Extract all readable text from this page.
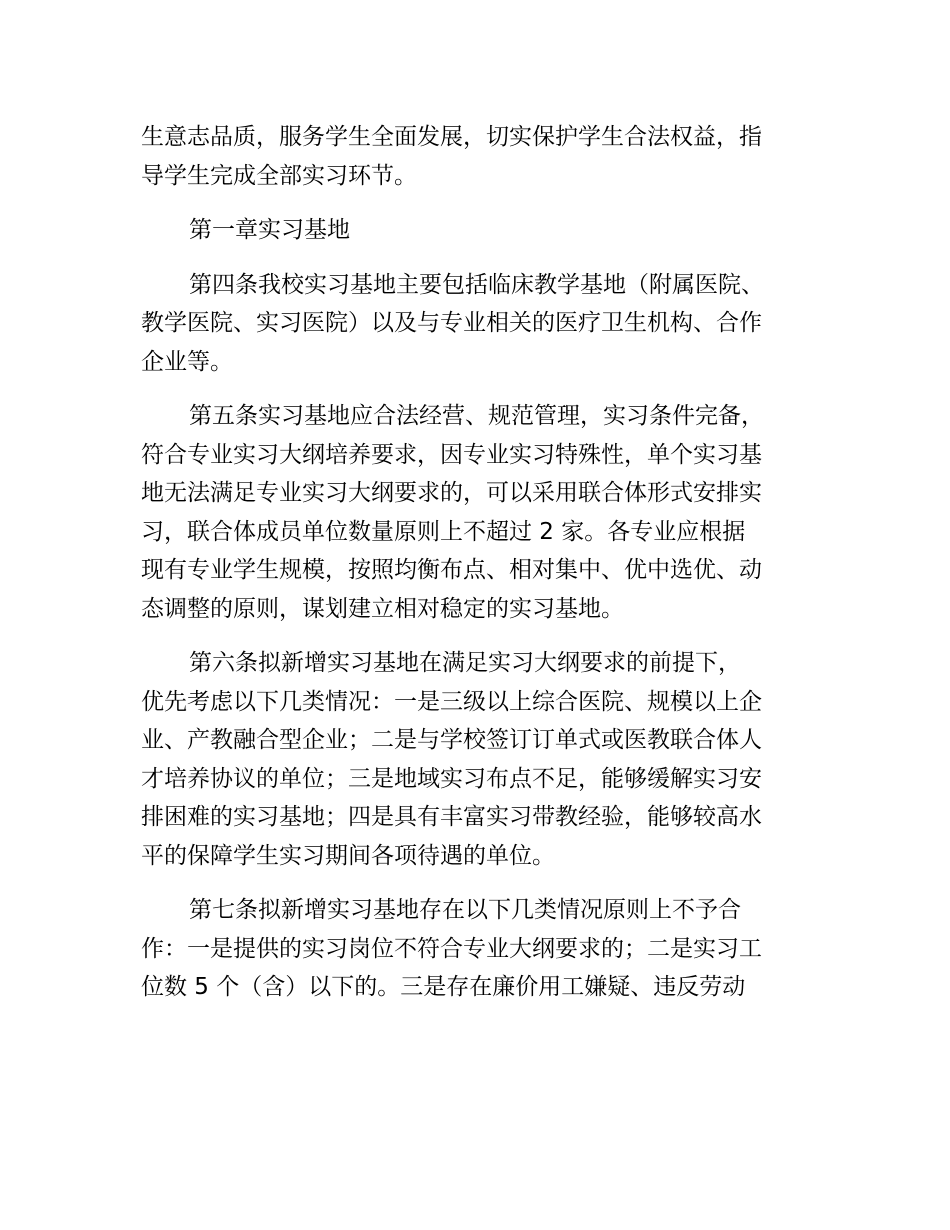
生意志品质，服务学生全面发展，切实保护学生合法权益，指
导学生完成全部实习环节。

第一章实习基地

第四条我校实习基地主要包括临床教学基地（附属医院、
教学医院、实习医院）以及与专业相关的医疗卫生机构、合作
企业等。

第五条实习基地应合法经营、规范管理，实习条件完备，
符合专业实习大纲培养要求，因专业实习特殊性，单个实习基
地无法满足专业实习大纲要求的，可以采用联合体形式安排实
习，联合体成员单位数量原则上不超过 2 家。各专业应根据
现有专业学生规模，按照均衡布点、相对集中、优中选优、动
态调整的原则，谋划建立相对稳定的实习基地。

第六条拟新增实习基地在满足实习大纲要求的前提下，
优先考虑以下几类情况：一是三级以上综合医院、规模以上企
业、产教融合型企业；二是与学校签订订单式或医教联合体人
才培养协议的单位；三是地域实习布点不足，能够缓解实习安
排困难的实习基地；四是具有丰富实习带教经验，能够较高水
平的保障学生实习期间各项待遇的单位。

第七条拟新增实习基地存在以下几类情况原则上不予合
作：一是提供的实习岗位不符合专业大纲要求的；二是实习工
位数 5 个（含）以下的。三是存在廉价用工嫌疑、违反劳动
